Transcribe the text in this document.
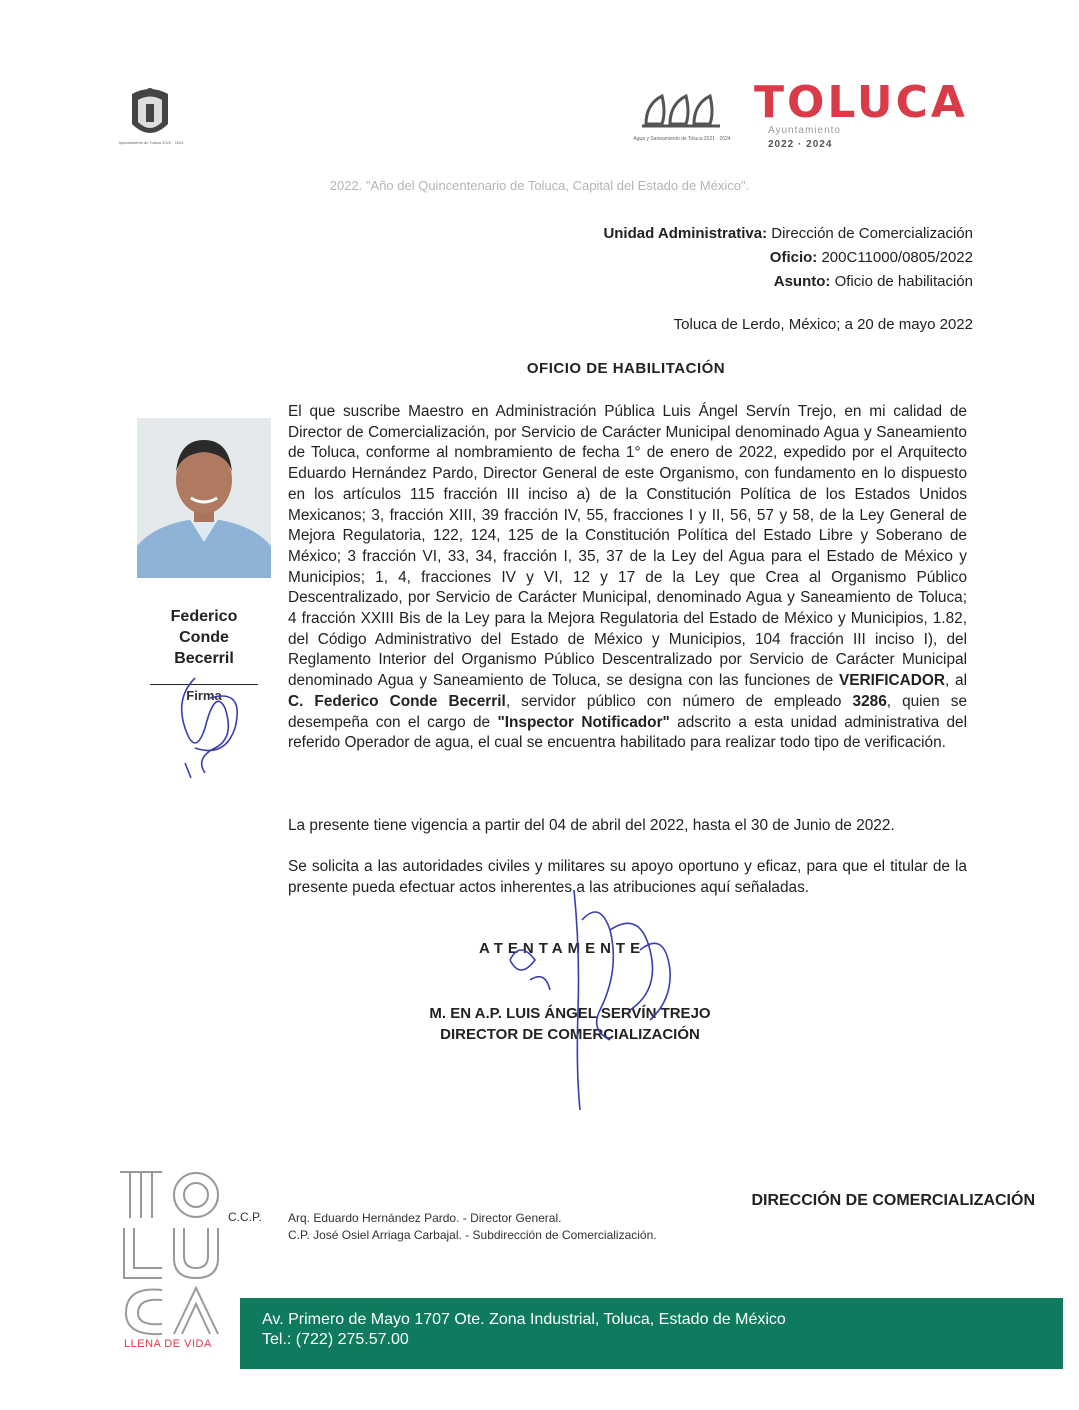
Ayuntamiento de Toluca 2022 · 2024
Agua y Saneamiento de Toluca 2021 · 2024
TOLUCA
Ayuntamiento
2022 · 2024
2022. "Año del Quincentenario de Toluca, Capital del Estado de México".
Unidad Administrativa: Dirección de Comercialización
Oficio: 200C11000/0805/2022
Asunto: Oficio de habilitación
Toluca de Lerdo, México; a 20 de mayo 2022
OFICIO DE HABILITACIÓN
Federico
Conde
Becerril
Firma
El que suscribe Maestro en Administración Pública Luis Ángel Servín Trejo, en mi calidad de Director de Comercialización, por Servicio de Carácter Municipal denominado Agua y Saneamiento de Toluca, conforme al nombramiento de fecha 1° de enero de 2022, expedido por el Arquitecto Eduardo Hernández Pardo, Director General de este Organismo, con fundamento en lo dispuesto en los artículos 115 fracción III inciso a) de la Constitución Política de los Estados Unidos Mexicanos; 3, fracción XIII, 39 fracción IV, 55, fracciones I y II, 56, 57 y 58, de la Ley General de Mejora Regulatoria, 122, 124, 125 de la Constitución Política del Estado Libre y Soberano de México; 3 fracción VI, 33, 34, fracción I, 35, 37 de la Ley del Agua para el Estado de México y Municipios; 1, 4, fracciones IV y VI, 12 y 17 de la Ley que Crea al Organismo Público Descentralizado, por Servicio de Carácter Municipal, denominado Agua y Saneamiento de Toluca; 4 fracción XXIII Bis de la Ley para la Mejora Regulatoria del Estado de México y Municipios, 1.82, del Código Administrativo del Estado de México y Municipios, 104 fracción III inciso I), del Reglamento Interior del Organismo Público Descentralizado por Servicio de Carácter Municipal denominado Agua y Saneamiento de Toluca, se designa con las funciones de VERIFICADOR, al C. Federico Conde Becerril, servidor público con número de empleado 3286, quien se desempeña con el cargo de "Inspector Notificador" adscrito a esta unidad administrativa del referido Operador de agua, el cual se encuentra habilitado para realizar todo tipo de verificación.
La presente tiene vigencia a partir del 04 de abril del 2022, hasta el 30 de Junio de 2022.
Se solicita a las autoridades civiles y militares su apoyo oportuno y eficaz, para que el titular de la presente pueda efectuar actos inherentes a las atribuciones aquí señaladas.
ATENTAMENTE
M. EN A.P. LUIS ÁNGEL SERVÍN TREJO
DIRECTOR DE COMERCIALIZACIÓN
LLENA DE VIDA
C.C.P. Arq. Eduardo Hernández Pardo. - Director General.
C.P. José Osiel Arriaga Carbajal. - Subdirección de Comercialización.
DIRECCIÓN DE COMERCIALIZACIÓN
Av. Primero de Mayo 1707 Ote. Zona Industrial, Toluca, Estado de México
Tel.: (722) 275.57.00
